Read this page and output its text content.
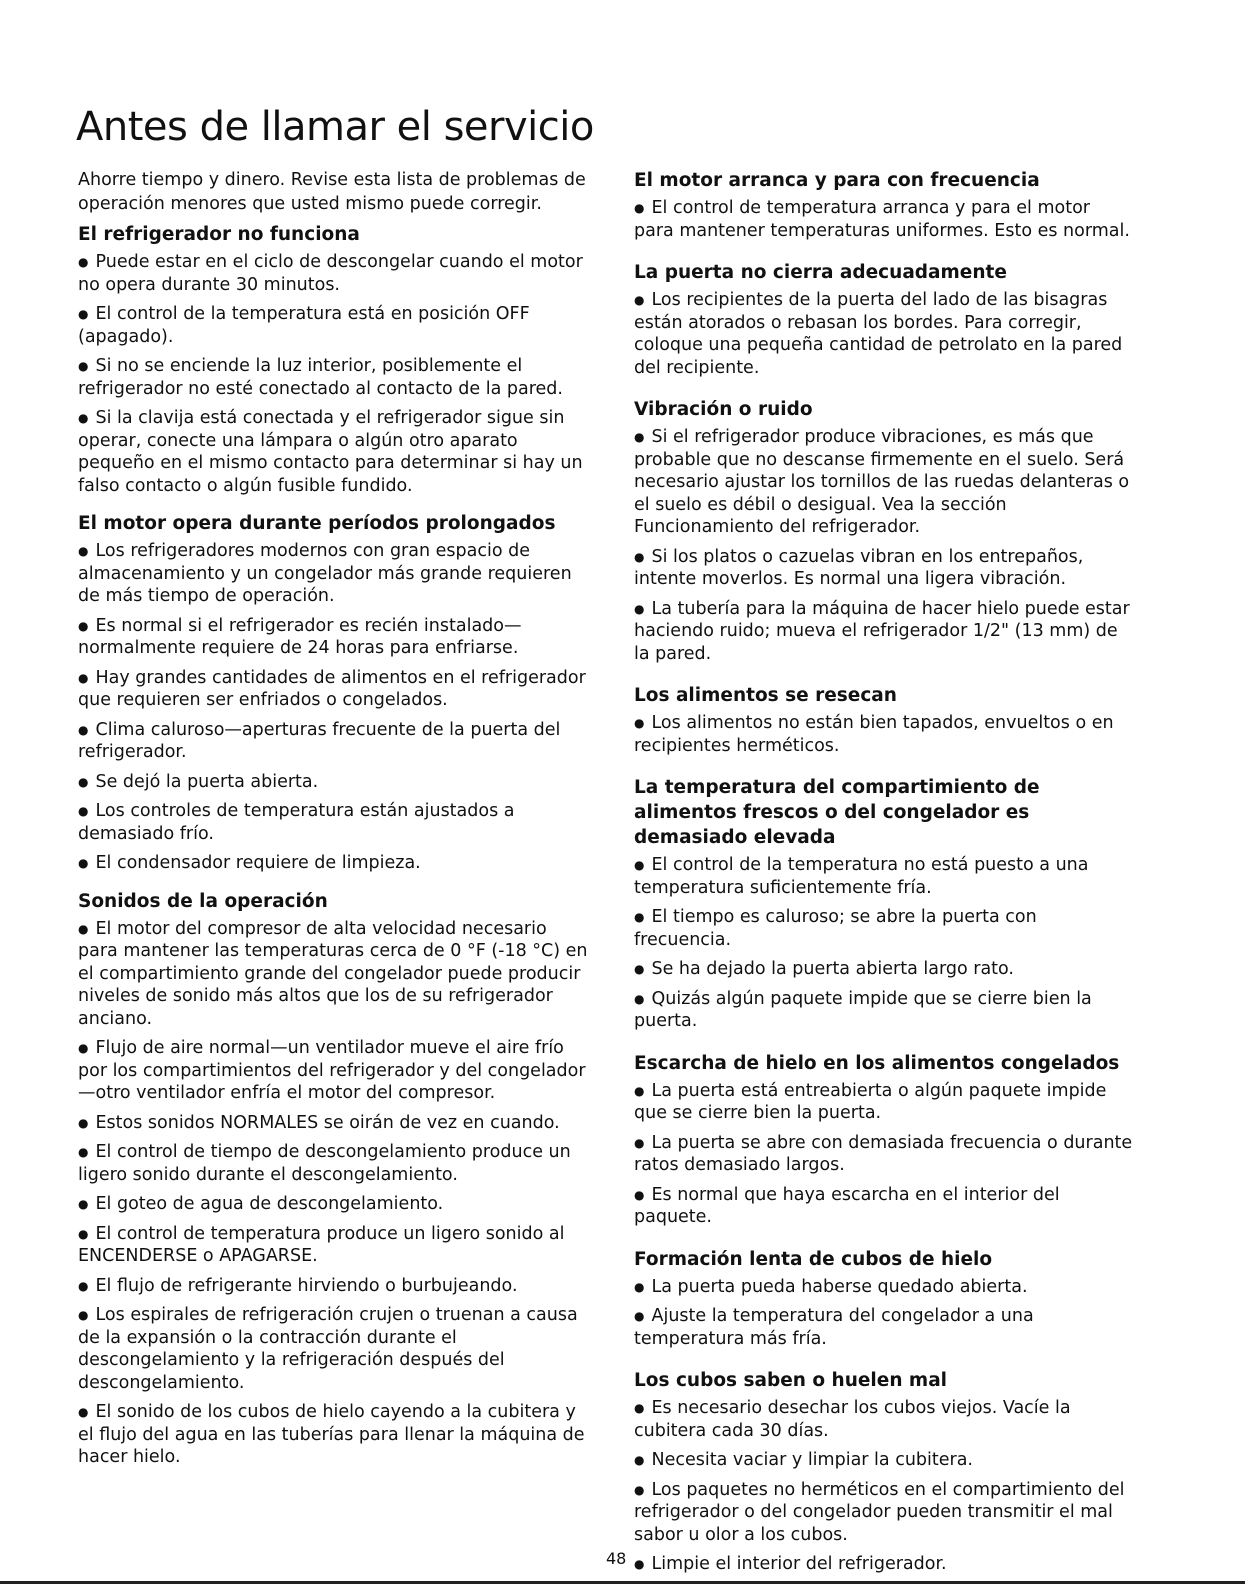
Antes de llamar el servicio

Ahorre tiempo y dinero. Revise esta lista de problemas de operación menores que usted mismo puede corregir.

El refrigerador no funciona

● Puede estar en el ciclo de descongelar cuando el motor no opera durante 30 minutos.

● El control de la temperatura está en posición OFF (apagado).

● Si no se enciende la luz interior, posiblemente el refrigerador no esté conectado al contacto de la pared.

● Si la clavija está conectada y el refrigerador sigue sin operar, conecte una lámpara o algún otro aparato pequeño en el mismo contacto para determinar si hay un falso contacto o algún fusible fundido.

El motor opera durante períodos prolongados

● Los refrigeradores modernos con gran espacio de almacenamiento y un congelador más grande requieren de más tiempo de operación.

● Es normal si el refrigerador es recién instalado—normalmente requiere de 24 horas para enfriarse.

● Hay grandes cantidades de alimentos en el refrigerador que requieren ser enfriados o congelados.

● Clima caluroso—aperturas frecuente de la puerta del refrigerador.

● Se dejó la puerta abierta.

● Los controles de temperatura están ajustados a demasiado frío.

● El condensador requiere de limpieza.

Sonidos de la operación

● El motor del compresor de alta velocidad necesario para mantener las temperaturas cerca de 0 °F (-18 °C) en el compartimiento grande del congelador puede producir niveles de sonido más altos que los de su refrigerador anciano.

● Flujo de aire normal—un ventilador mueve el aire frío por los compartimientos del refrigerador y del congelador—otro ventilador enfría el motor del compresor.

● Estos sonidos NORMALES se oirán de vez en cuando.

● El control de tiempo de descongelamiento produce un ligero sonido durante el descongelamiento.

● El goteo de agua de descongelamiento.

● El control de temperatura produce un ligero sonido al ENCENDERSE o APAGARSE.

● El flujo de refrigerante hirviendo o burbujeando.

● Los espirales de refrigeración crujen o truenan a causa de la expansión o la contracción durante el descongelamiento y la refrigeración después del descongelamiento.

● El sonido de los cubos de hielo cayendo a la cubitera y el flujo del agua en las tuberías para llenar la máquina de hacer hielo.

El motor arranca y para con frecuencia

● El control de temperatura arranca y para el motor para mantener temperaturas uniformes. Esto es normal.

La puerta no cierra adecuadamente

● Los recipientes de la puerta del lado de las bisagras están atorados o rebasan los bordes. Para corregir, coloque una pequeña cantidad de petrolato en la pared del recipiente.

Vibración o ruido

● Si el refrigerador produce vibraciones, es más que probable que no descanse firmemente en el suelo. Será necesario ajustar los tornillos de las ruedas delanteras o el suelo es débil o desigual. Vea la sección Funcionamiento del refrigerador.

● Si los platos o cazuelas vibran en los entrepaños, intente moverlos. Es normal una ligera vibración.

● La tubería para la máquina de hacer hielo puede estar haciendo ruido; mueva el refrigerador 1/2" (13 mm) de la pared.

Los alimentos se resecan

● Los alimentos no están bien tapados, envueltos o en recipientes herméticos.

La temperatura del compartimiento de alimentos frescos o del congelador es demasiado elevada

● El control de la temperatura no está puesto a una temperatura suficientemente fría.

● El tiempo es caluroso; se abre la puerta con frecuencia.

● Se ha dejado la puerta abierta largo rato.

● Quizás algún paquete impide que se cierre bien la puerta.

Escarcha de hielo en los alimentos congelados

● La puerta está entreabierta o algún paquete impide que se cierre bien la puerta.

● La puerta se abre con demasiada frecuencia o durante ratos demasiado largos.

● Es normal que haya escarcha en el interior del paquete.

Formación lenta de cubos de hielo

● La puerta pueda haberse quedado abierta.

● Ajuste la temperatura del congelador a una temperatura más fría.

Los cubos saben o huelen mal

● Es necesario desechar los cubos viejos. Vacíe la cubitera cada 30 días.

● Necesita vaciar y limpiar la cubitera.

● Los paquetes no herméticos en el compartimiento del refrigerador o del congelador pueden transmitir el mal sabor u olor a los cubos.

● Limpie el interior del refrigerador.

48
